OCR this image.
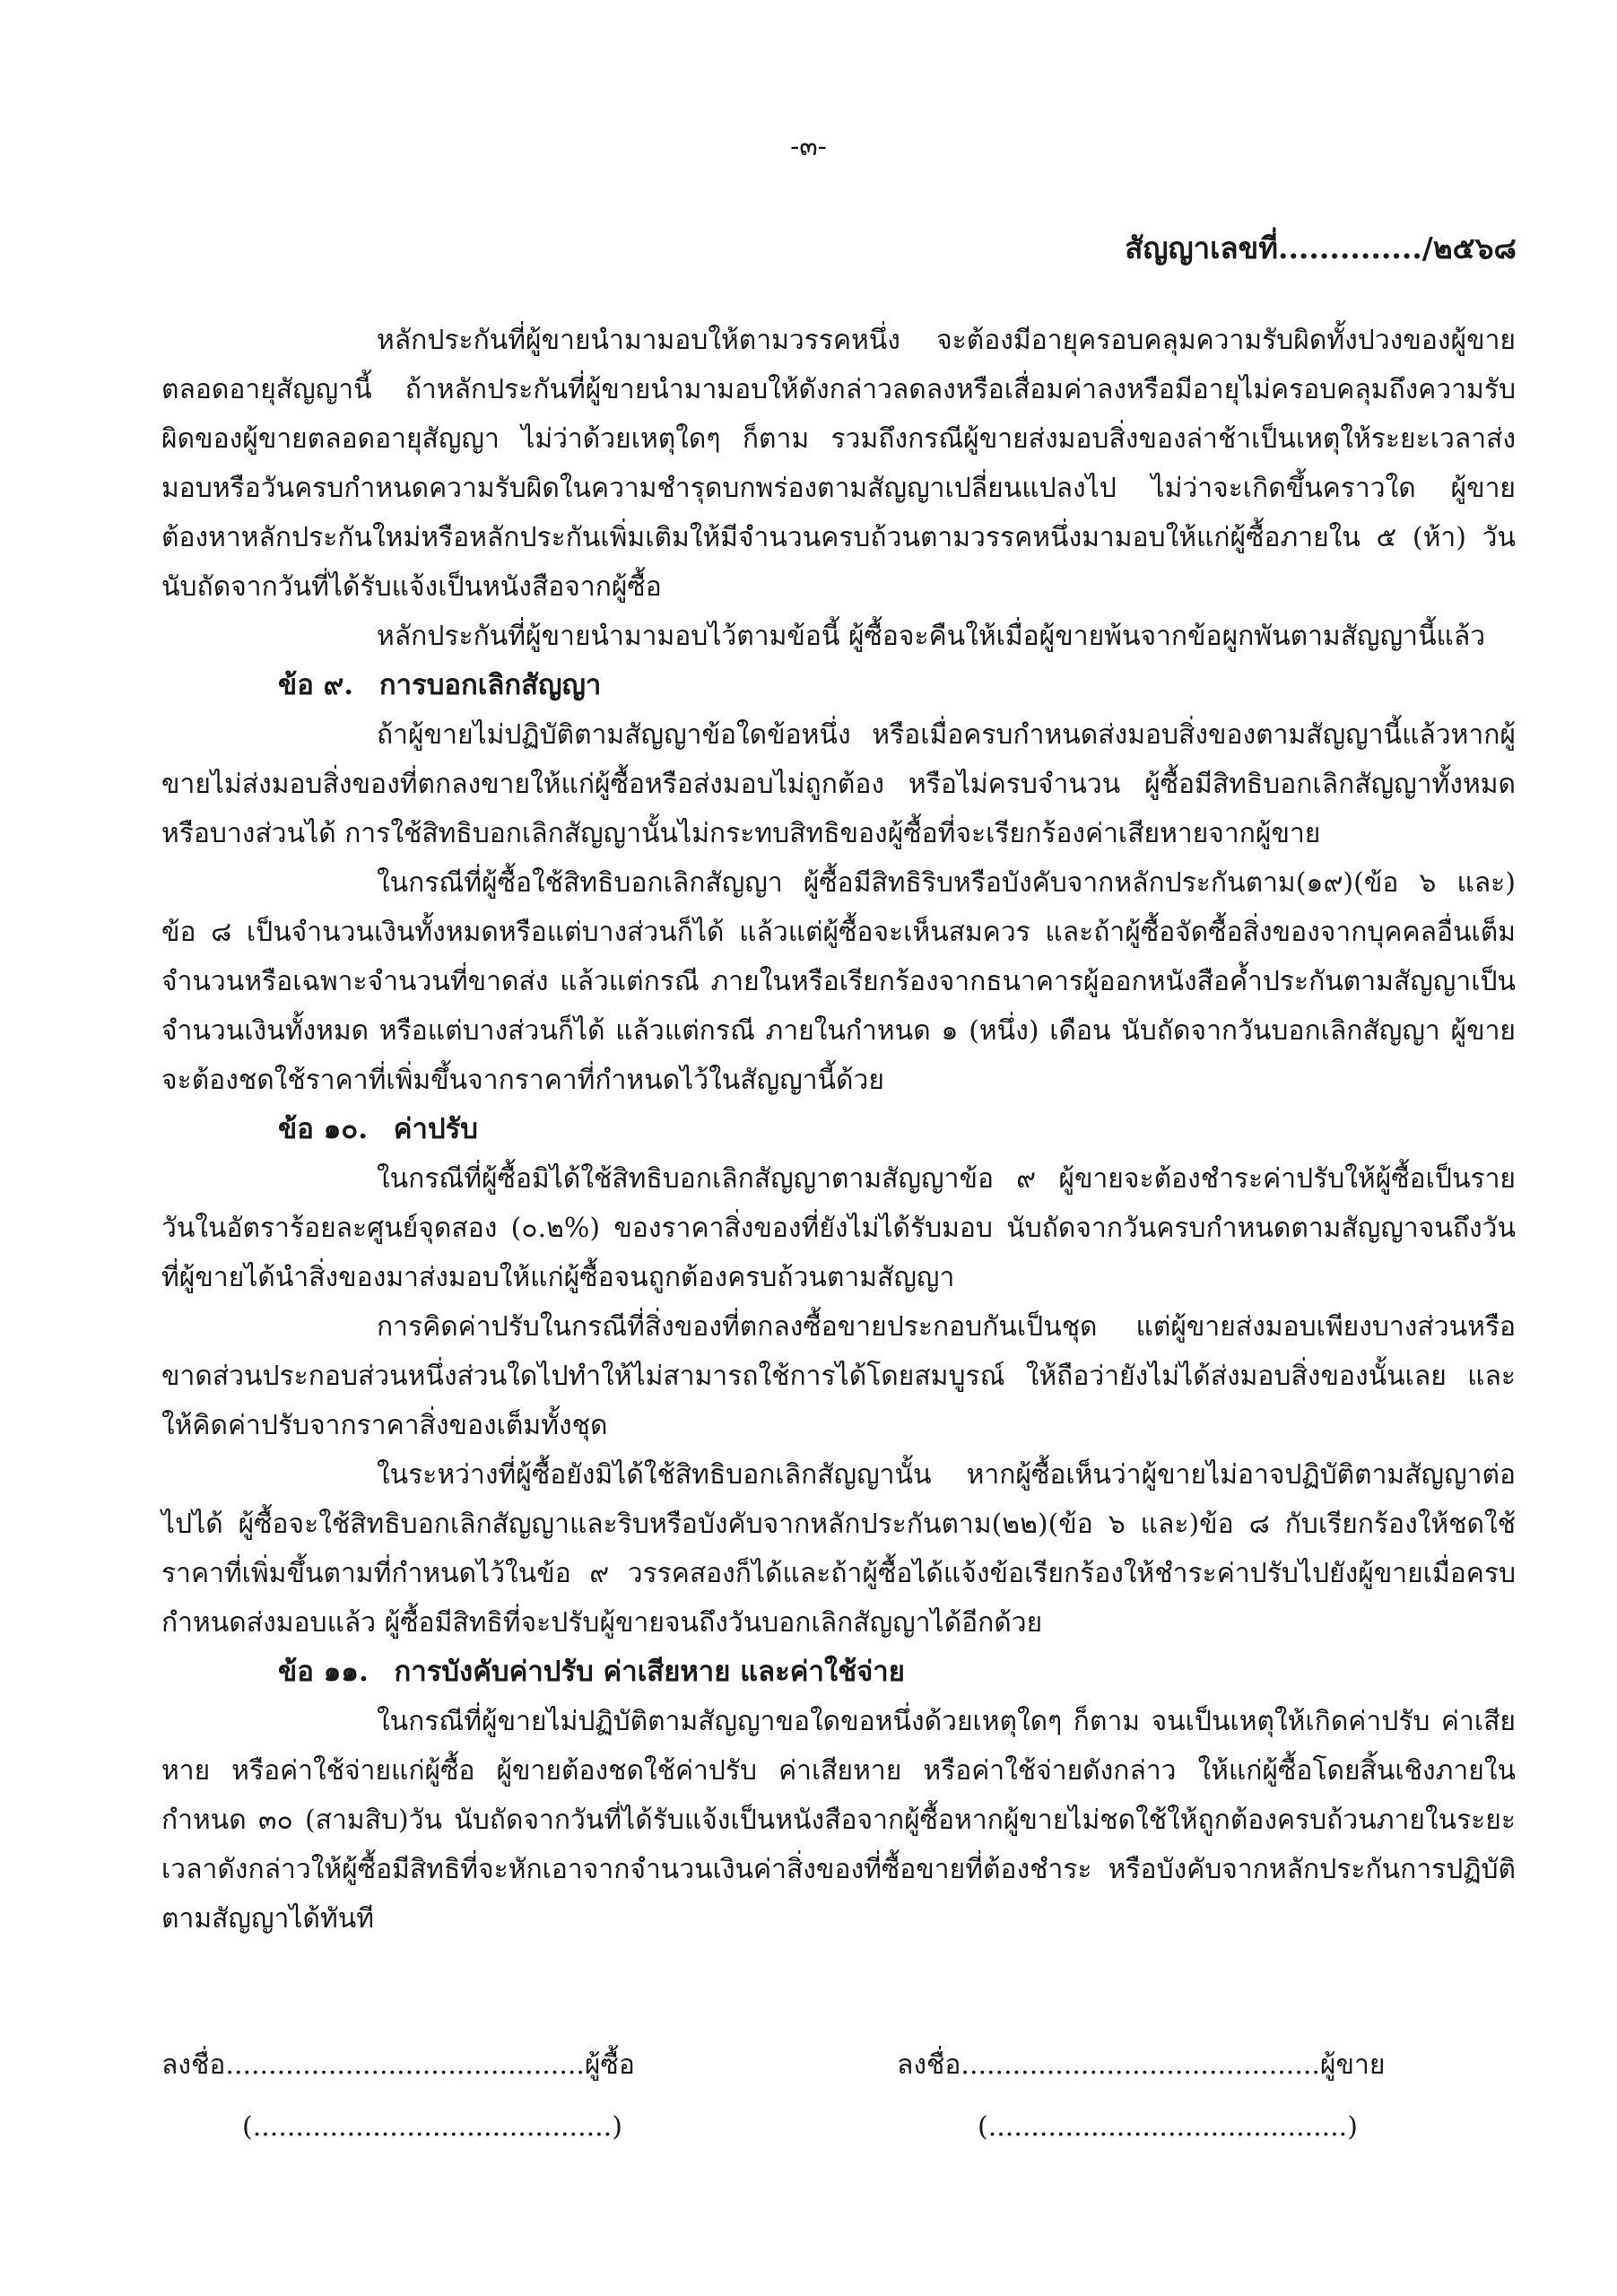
-๓-
สัญญาเลขที่............../๒๕๖๘

หลักประกันที่ผู้ขายนำมามอบให้ตามวรรคหนึ่ง จะต้องมีอายุครอบคลุมความรับผิดทั้งปวงของผู้ขายตลอดอายุสัญญานี้ ถ้าหลักประกันที่ผู้ขายนำมามอบให้ดังกล่าวลดลงหรือเสื่อมค่าลงหรือมีอายุไม่ครอบคลุมถึงความรับผิดของผู้ขายตลอดอายุสัญญา ไม่ว่าด้วยเหตุใดๆ ก็ตาม รวมถึงกรณีผู้ขายส่งมอบสิ่งของล่าช้าเป็นเหตุให้ระยะเวลาส่งมอบหรือวันครบกำหนดความรับผิดในความชำรุดบกพร่องตามสัญญาเปลี่ยนแปลงไป ไม่ว่าจะเกิดขึ้นคราวใด ผู้ขายต้องหาหลักประกันใหม่หรือหลักประกันเพิ่มเติมให้มีจำนวนครบถ้วนตามวรรคหนึ่งมามอบให้แก่ผู้ซื้อภายใน ๕ (ห้า) วัน นับถัดจากวันที่ได้รับแจ้งเป็นหนังสือจากผู้ซื้อ

หลักประกันที่ผู้ขายนำมามอบไว้ตามข้อนี้ ผู้ซื้อจะคืนให้เมื่อผู้ขายพ้นจากข้อผูกพันตามสัญญานี้แล้ว

ข้อ ๙. การบอกเลิกสัญญา

ถ้าผู้ขายไม่ปฏิบัติตามสัญญาข้อใดข้อหนึ่ง หรือเมื่อครบกำหนดส่งมอบสิ่งของตามสัญญานี้แล้วหากผู้ขายไม่ส่งมอบสิ่งของที่ตกลงขายให้แก่ผู้ซื้อหรือส่งมอบไม่ถูกต้อง หรือไม่ครบจำนวน ผู้ซื้อมีสิทธิบอกเลิกสัญญาทั้งหมดหรือบางส่วนได้ การใช้สิทธิบอกเลิกสัญญานั้นไม่กระทบสิทธิของผู้ซื้อที่จะเรียกร้องค่าเสียหายจากผู้ขาย

ในกรณีที่ผู้ซื้อใช้สิทธิบอกเลิกสัญญา ผู้ซื้อมีสิทธิริบหรือบังคับจากหลักประกันตาม(๑๙)(ข้อ ๖ และ) ข้อ ๘ เป็นจำนวนเงินทั้งหมดหรือแต่บางส่วนก็ได้ แล้วแต่ผู้ซื้อจะเห็นสมควร และถ้าผู้ซื้อจัดซื้อสิ่งของจากบุคคลอื่นเต็มจำนวนหรือเฉพาะจำนวนที่ขาดส่ง แล้วแต่กรณี ภายในหรือเรียกร้องจากธนาคารผู้ออกหนังสือค้ำประกันตามสัญญาเป็นจำนวนเงินทั้งหมด หรือแต่บางส่วนก็ได้ แล้วแต่กรณี ภายในกำหนด ๑ (หนึ่ง) เดือน นับถัดจากวันบอกเลิกสัญญา ผู้ขายจะต้องชดใช้ราคาที่เพิ่มขึ้นจากราคาที่กำหนดไว้ในสัญญานี้ด้วย

ข้อ ๑๐. ค่าปรับ

ในกรณีที่ผู้ซื้อมิได้ใช้สิทธิบอกเลิกสัญญาตามสัญญาข้อ ๙ ผู้ขายจะต้องชำระค่าปรับให้ผู้ซื้อเป็นรายวันในอัตราร้อยละศูนย์จุดสอง (๐.๒%) ของราคาสิ่งของที่ยังไม่ได้รับมอบ นับถัดจากวันครบกำหนดตามสัญญาจนถึงวันที่ผู้ขายได้นำสิ่งของมาส่งมอบให้แก่ผู้ซื้อจนถูกต้องครบถ้วนตามสัญญา

การคิดค่าปรับในกรณีที่สิ่งของที่ตกลงซื้อขายประกอบกันเป็นชุด แต่ผู้ขายส่งมอบเพียงบางส่วนหรือขาดส่วนประกอบส่วนหนึ่งส่วนใดไปทำให้ไม่สามารถใช้การได้โดยสมบูรณ์ ให้ถือว่ายังไม่ได้ส่งมอบสิ่งของนั้นเลย และให้คิดค่าปรับจากราคาสิ่งของเต็มทั้งชุด

ในระหว่างที่ผู้ซื้อยังมิได้ใช้สิทธิบอกเลิกสัญญานั้น หากผู้ซื้อเห็นว่าผู้ขายไม่อาจปฏิบัติตามสัญญาต่อไปได้ ผู้ซื้อจะใช้สิทธิบอกเลิกสัญญาและริบหรือบังคับจากหลักประกันตาม(๒๒)(ข้อ ๖ และ)ข้อ ๘ กับเรียกร้องให้ชดใช้ราคาที่เพิ่มขึ้นตามที่กำหนดไว้ในข้อ ๙ วรรคสองก็ได้และถ้าผู้ซื้อได้แจ้งข้อเรียกร้องให้ชำระค่าปรับไปยังผู้ขายเมื่อครบกำหนดส่งมอบแล้ว ผู้ซื้อมีสิทธิที่จะปรับผู้ขายจนถึงวันบอกเลิกสัญญาได้อีกด้วย

ข้อ ๑๑. การบังคับค่าปรับ ค่าเสียหาย และค่าใช้จ่าย

ในกรณีที่ผู้ขายไม่ปฏิบัติตามสัญญาขอใดขอหนึ่งด้วยเหตุใดๆ ก็ตาม จนเป็นเหตุให้เกิดค่าปรับ ค่าเสียหาย หรือค่าใช้จ่ายแก่ผู้ซื้อ ผู้ขายต้องชดใช้ค่าปรับ ค่าเสียหาย หรือค่าใช้จ่ายดังกล่าว ให้แก่ผู้ซื้อโดยสิ้นเชิงภายในกำหนด ๓๐ (สามสิบ)วัน นับถัดจากวันที่ได้รับแจ้งเป็นหนังสือจากผู้ซื้อหากผู้ขายไม่ชดใช้ให้ถูกต้องครบถ้วนภายในระยะเวลาดังกล่าวให้ผู้ซื้อมีสิทธิที่จะหักเอาจากจำนวนเงินค่าสิ่งของที่ซื้อขายที่ต้องชำระ หรือบังคับจากหลักประกันการปฏิบัติตามสัญญาได้ทันที

ลงชื่อ..........................................ผู้ซื้อ
(..........................................)
ลงชื่อ..........................................ผู้ขาย
(..........................................)
